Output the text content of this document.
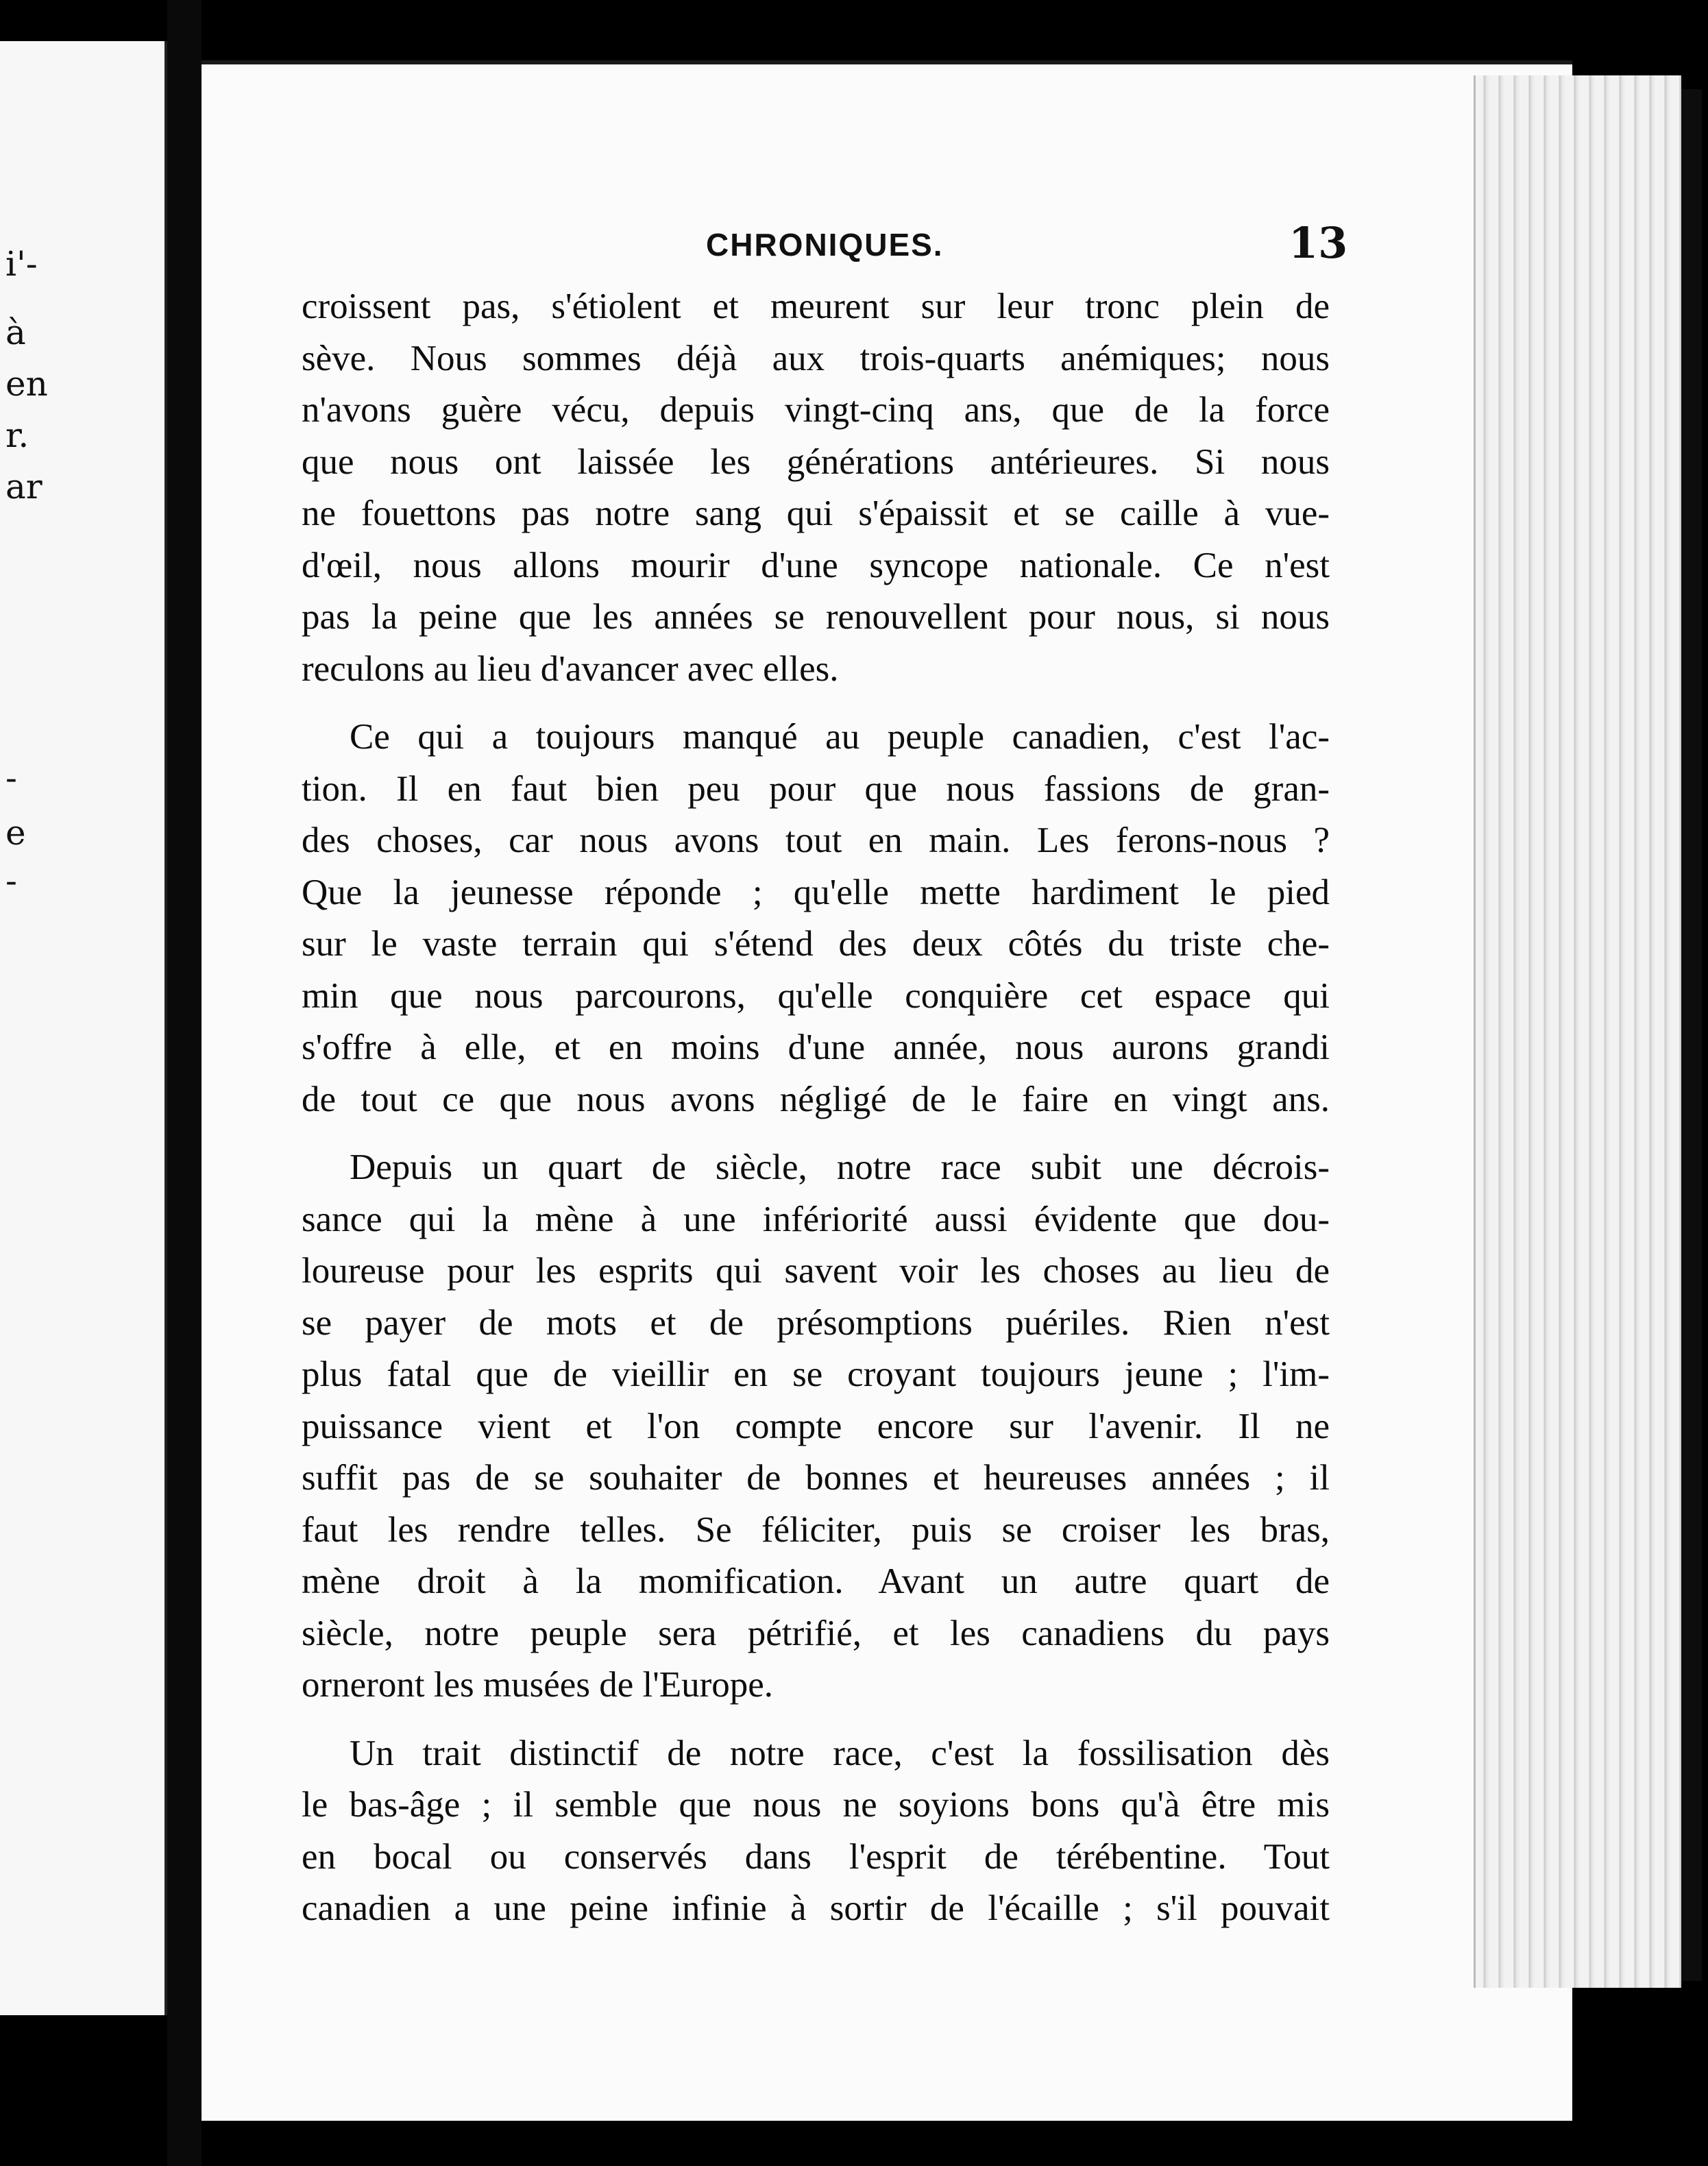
i'-
à
en
r.
ar
-
e
-
CHRONIQUES.	13
croissent pas, s'étiolent et meurent sur leur tronc plein de
sève. Nous sommes déjà aux trois-quarts anémiques; nous
n'avons guère vécu, depuis vingt-cinq ans, que de la force
que nous ont laissée les générations antérieures. Si nous
ne fouettons pas notre sang qui s'épaissit et se caille à vue-
d'œil, nous allons mourir d'une syncope nationale. Ce n'est
pas la peine que les années se renouvellent pour nous, si nous
reculons au lieu d'avancer avec elles.
Ce qui a toujours manqué au peuple canadien, c'est l'ac-
tion. Il en faut bien peu pour que nous fassions de gran-
des choses, car nous avons tout en main. Les ferons-nous ?
Que la jeunesse réponde ; qu'elle mette hardiment le pied
sur le vaste terrain qui s'étend des deux côtés du triste che-
min que nous parcourons, qu'elle conquière cet espace qui
s'offre à elle, et en moins d'une année, nous aurons grandi
de tout ce que nous avons négligé de le faire en vingt ans.
Depuis un quart de siècle, notre race subit une décrois-
sance qui la mène à une infériorité aussi évidente que dou-
loureuse pour les esprits qui savent voir les choses au lieu de
se payer de mots et de présomptions puériles. Rien n'est
plus fatal que de vieillir en se croyant toujours jeune ; l'im-
puissance vient et l'on compte encore sur l'avenir. Il ne
suffit pas de se souhaiter de bonnes et heureuses années ; il
faut les rendre telles. Se féliciter, puis se croiser les bras,
mène droit à la momification. Avant un autre quart de
siècle, notre peuple sera pétrifié, et les canadiens du pays
orneront les musées de l'Europe.
Un trait distinctif de notre race, c'est la fossilisation dès
le bas-âge ; il semble que nous ne soyions bons qu'à être mis
en bocal ou conservés dans l'esprit de térébentine. Tout
canadien a une peine infinie à sortir de l'écaille ; s'il pouvait
